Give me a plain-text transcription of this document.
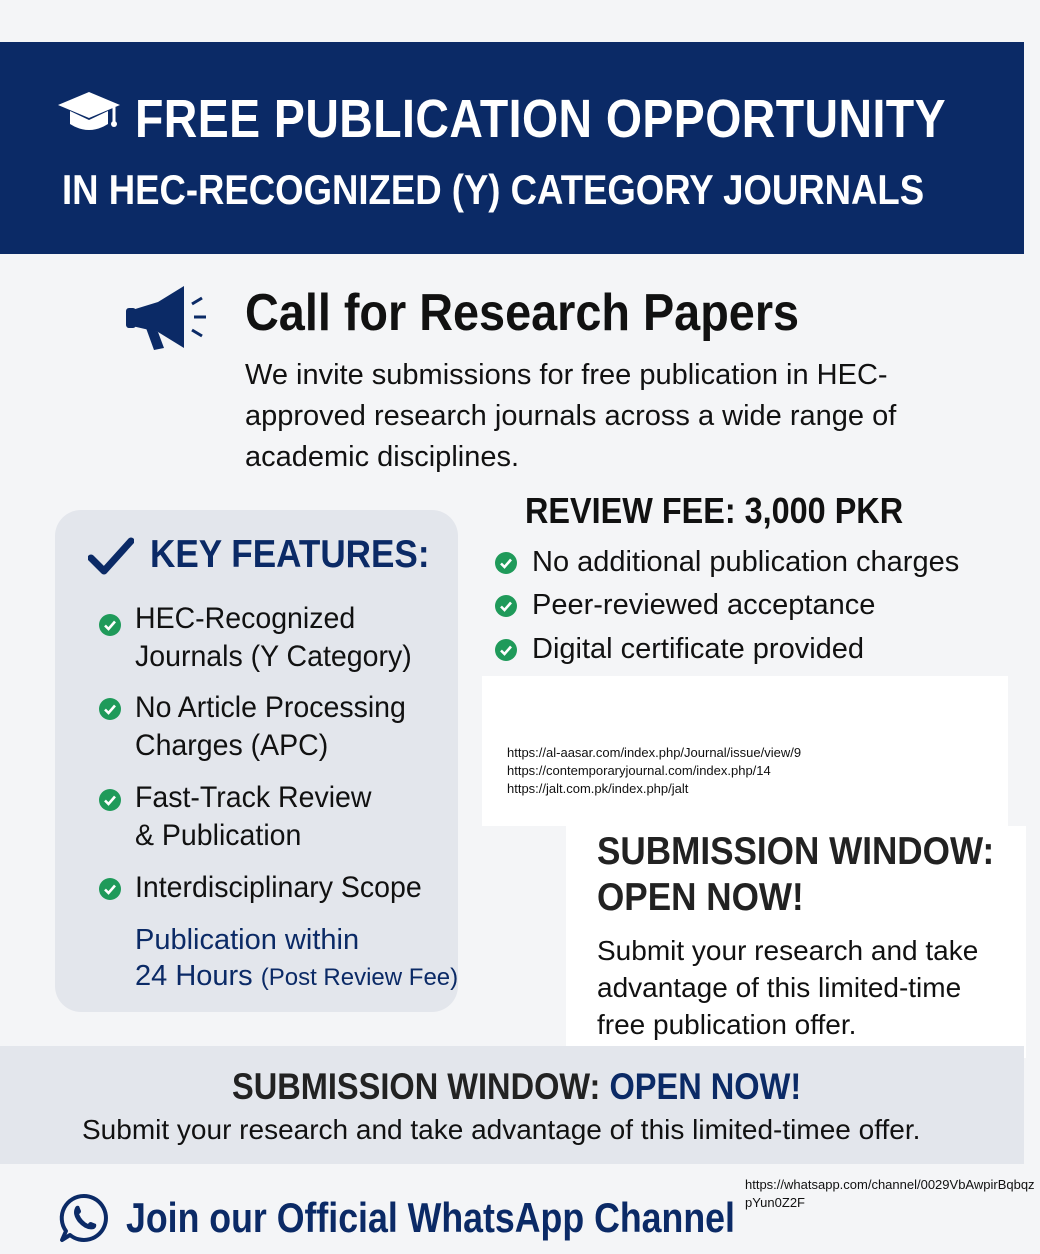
FREE PUBLICATION OPPORTUNITY
IN HEC-RECOGNIZED (Y) CATEGORY JOURNALS
Call for Research Papers
We invite submissions for free publication in HEC-approved research journals across a wide range of academic disciplines.
KEY FEATURES:
HEC-Recognized
Journals (Y Category)
No Article Processing
Charges (APC)
Fast-Track Review
& Publication
Interdisciplinary Scope
Publication within
24 Hours (Post Review Fee)
REVIEW FEE: 3,000 PKR
No additional publication charges
Peer-reviewed acceptance
Digital certificate provided
https://al-aasar.com/index.php/Journal/issue/view/9
https://contemporaryjournal.com/index.php/14
https://jalt.com.pk/index.php/jalt
SUBMISSION WINDOW:
OPEN NOW!
Submit your research and take advantage of this limited-time free publication offer.
SUBMISSION WINDOW: OPEN NOW!
Submit your research and take advantage of this limited-timee offer.
Join our Official WhatsApp Channel
https://whatsapp.com/channel/0029VbAwpirBqbqzpYun0Z2F
